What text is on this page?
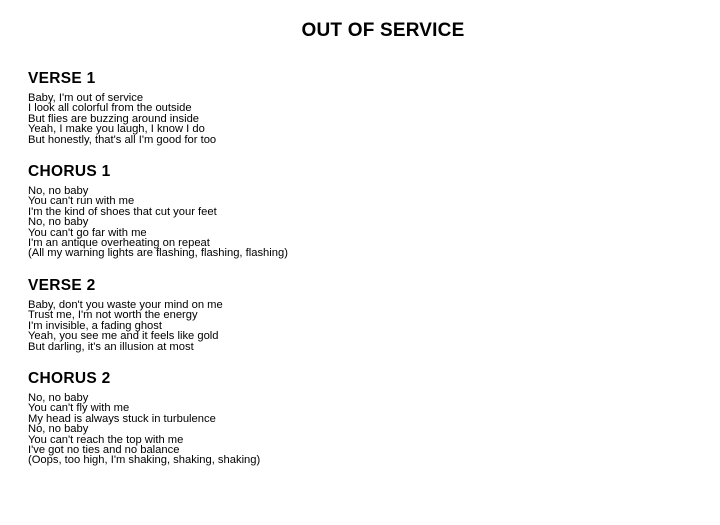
OUT OF SERVICE
VERSE 1
Baby, I'm out of service
I look all colorful from the outside
But flies are buzzing around inside
Yeah, I make you laugh, I know I do
But honestly, that's all I'm good for too
CHORUS 1
No, no baby
You can't run with me
I'm the kind of shoes that cut your feet
No, no baby
You can't go far with me
I'm an antique overheating on repeat
(All my warning lights are flashing, flashing, flashing)
VERSE 2
Baby, don't you waste your mind on me
Trust me, I'm not worth the energy
I'm invisible, a fading ghost
Yeah, you see me and it feels like gold
But darling, it's an illusion at most
CHORUS 2
No, no baby
You can't fly with me
My head is always stuck in turbulence
No, no baby
You can't reach the top with me
I've got no ties and no balance
(Oops, too high, I'm shaking, shaking, shaking)
